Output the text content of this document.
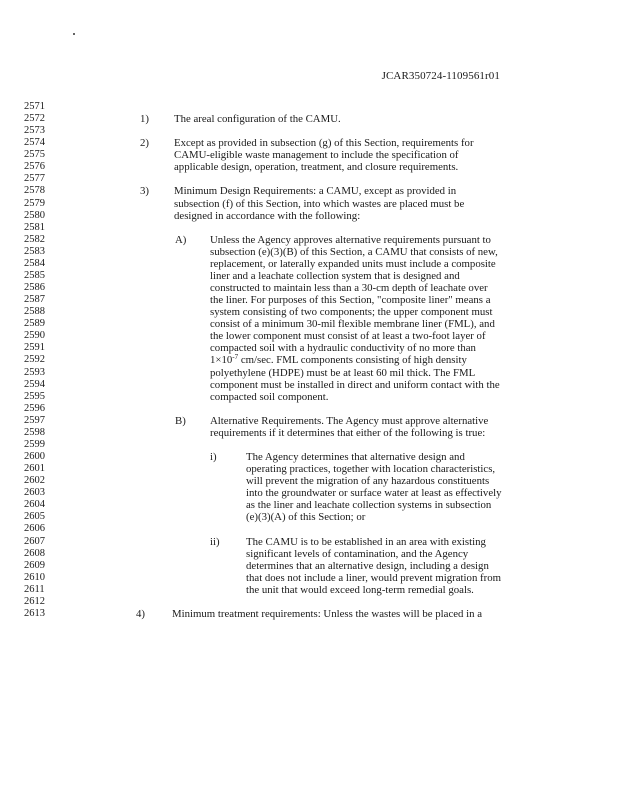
JCAR350724-1109561r01
2571
2572
2573
2574
2575
2576
2577
2578
2579
2580
2581
2582
2583
2584
2585
2586
2587
2588
2589
2590
2591
2592
2593
2594
2595
2596
2597
2598
2599
2600
2601
2602
2603
2604
2605
2606
2607
2608
2609
2610
2611
2612
2613
1) The areal configuration of the CAMU.
2) Except as provided in subsection (g) of this Section, requirements for
CAMU-eligible waste management to include the specification of
applicable design, operation, treatment, and closure requirements.
3) Minimum Design Requirements: a CAMU, except as provided in
subsection (f) of this Section, into which wastes are placed must be
designed in accordance with the following:
A) Unless the Agency approves alternative requirements pursuant to
subsection (e)(3)(B) of this Section, a CAMU that consists of new,
replacement, or laterally expanded units must include a composite
liner and a leachate collection system that is designed and
constructed to maintain less than a 30-cm depth of leachate over
the liner. For purposes of this Section, "composite liner" means a
system consisting of two components; the upper component must
consist of a minimum 30-mil flexible membrane liner (FML), and
the lower component must consist of at least a two-foot layer of
compacted soil with a hydraulic conductivity of no more than
$1\times 10^{-7}$ cm/sec. FML components consisting of high density
polyethylene (HDPE) must be at least 60 mil thick. The FML
component must be installed in direct and uniform contact with the
compacted soil component.
B) Alternative Requirements. The Agency must approve alternative
requirements if it determines that either of the following is true:
i)	The Agency determines that alternative design and
operating practices, together with location characteristics,
will prevent the migration of any hazardous constituents
into the groundwater or surface water at least as effectively
as the liner and leachate collection systems in subsection
(e)(3)(A) of this Section; or
ii) The CAMU is to be established in an area with existing
significant levels of contamination, and the Agency
determines that an alternative design, including a design
that does not include a liner, would prevent migration from
the unit that would exceed long-term remedial goals.
4)	Minimum treatment requirements: Unless the wastes will be placed in a
